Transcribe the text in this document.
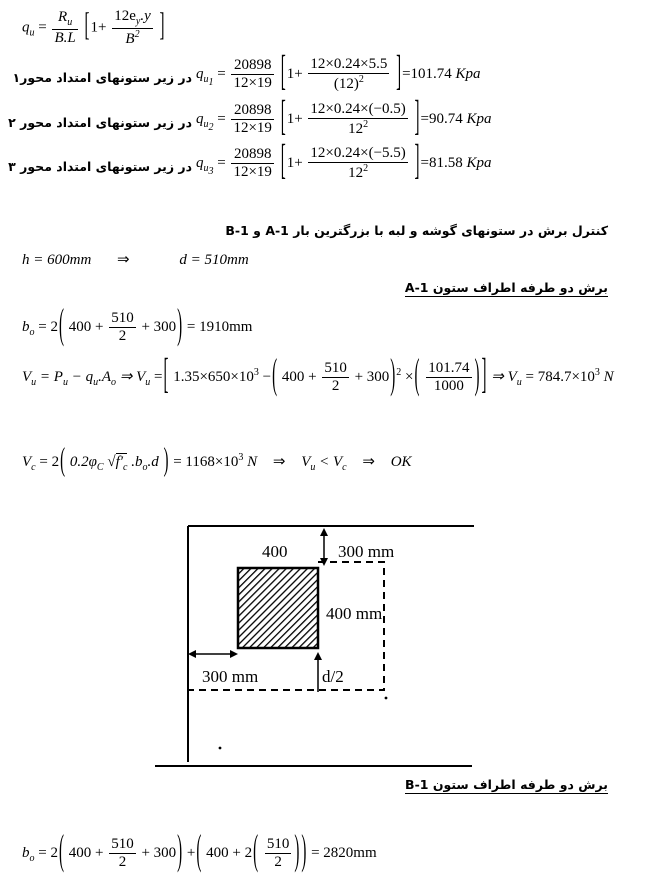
$q_u = \frac{R_u}{B.L} [1+ \frac{12e_y.y}{B^2}$ ]
در زیر ستونهای امتداد محور۱ $q_{u_1} = \frac{20898}{12\times 19} [1+ \frac{12\times 0.24\times 5.5}{(12)^2} ]=101.74$ Kpa
در زیر ستونهای امتداد محور ۲ $q_{u_2} = \frac{20898}{12\times 19} [1+ \frac{12\times 0.24\times(-0.5)}{12^2} ]=90.74$ Kpa
در زیر ستونهای امتداد محور ۳ $q_{u_3} = \frac{20898}{12\times 19} [1+ \frac{12\times 0.24\times(-5.5)}{12^2} ]=81.58$ Kpa
کنترل برش در ستونهای گوشه و لبه با بزرگترین بار A-1 و B-1
h = 600mm ⇒	d = 510mm
برش دو طرفه اطراف ستون A-1
$b_o = 2$( $400 + \frac{510}{2} + 300) = 1910mm$
$V_u = P_u - q_u.A_o$ ⇒ $V_u$ =[ $1.35\times 650\times 10^3$ −( $400 + \frac{510}{2} + 300)^2$ ×( $\frac{101.74}{1000}$ ) ] ⇒ $V_u = 784.7\times 10^3$ N
$V_c = 2$( $0.2\varphi_C$ $√f'_c$ $.b_o.d$ ) = $1168\times 10^3$ N ⇒ $V_u < V_c$ ⇒ OK
400	300 mm
400 mm
300 mm	d/2
برش دو طرفه اطراف ستون B-1
$b_o = 2$( $400 + \frac{510}{2} + 300$) +( $400 + 2( \frac{510}{2}$ ) ) = 2820mm
